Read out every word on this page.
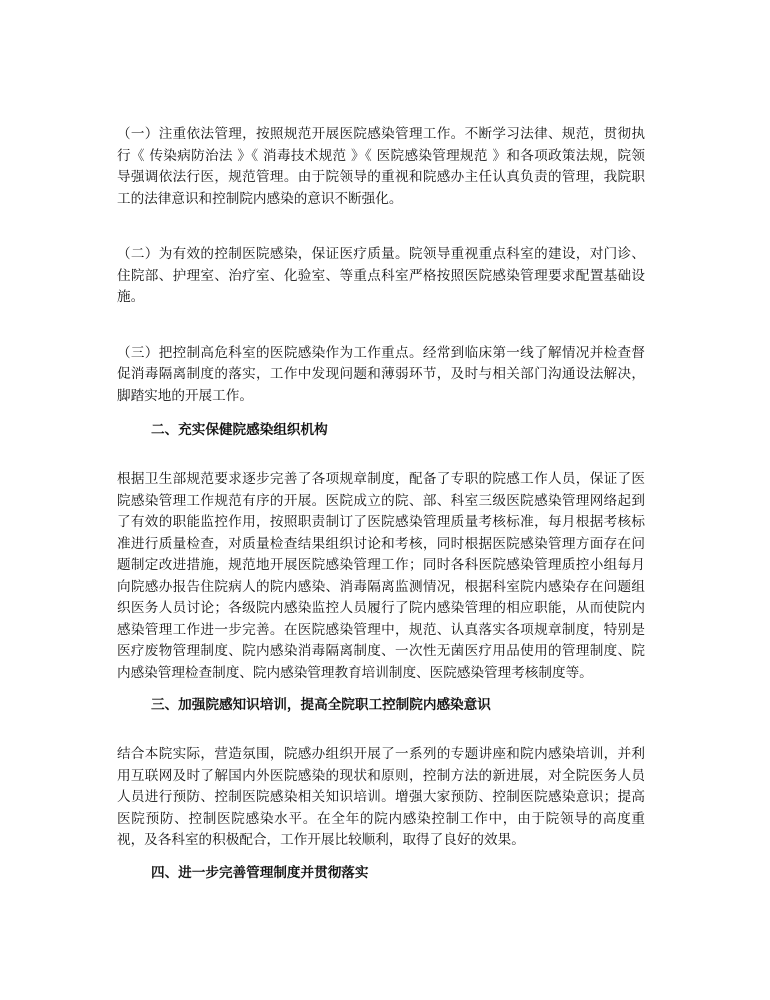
（一）注重依法管理，按照规范开展医院感染管理工作。不断学习法律、规范，贯彻执行《 传染病防治法 》《 消毒技术规范 》《 医院感染管理规范 》和各项政策法规，院领导强调依法行医，规范管理。由于院领导的重视和院感办主任认真负责的管理，我院职工的法律意识和控制院内感染的意识不断强化。

（二）为有效的控制医院感染，保证医疗质量。院领导重视重点科室的建设，对门诊、住院部、护理室、治疗室、化验室、等重点科室严格按照医院感染管理要求配置基础设施。

（三）把控制高危科室的医院感染作为工作重点。经常到临床第一线了解情况并检查督促消毒隔离制度的落实，工作中发现问题和薄弱环节，及时与相关部门沟通设法解决，脚踏实地的开展工作。

二、充实保健院感染组织机构

根据卫生部规范要求逐步完善了各项规章制度，配备了专职的院感工作人员，保证了医院感染管理工作规范有序的开展。医院成立的院、部、科室三级医院感染管理网络起到了有效的职能监控作用，按照职责制订了医院感染管理质量考核标准，每月根据考核标准进行质量检查，对质量检查结果组织讨论和考核，同时根据医院感染管理方面存在问题制定改进措施，规范地开展医院感染管理工作；同时各科医院感染管理质控小组每月向院感办报告住院病人的院内感染、消毒隔离监测情况，根据科室院内感染存在问题组织医务人员讨论；各级院内感染监控人员履行了院内感染管理的相应职能，从而使院内感染管理工作进一步完善。在医院感染管理中，规范、认真落实各项规章制度，特别是医疗废物管理制度、院内感染消毒隔离制度、一次性无菌医疗用品使用的管理制度、院内感染管理检查制度、院内感染管理教育培训制度、医院感染管理考核制度等。

三、加强院感知识培训，提高全院职工控制院内感染意识

结合本院实际，营造氛围，院感办组织开展了一系列的专题讲座和院内感染培训，并利用互联网及时了解国内外医院感染的现状和原则，控制方法的新进展，对全院医务人员人员进行预防、控制医院感染相关知识培训。增强大家预防、控制医院感染意识；提高医院预防、控制医院感染水平。在全年的院内感染控制工作中，由于院领导的高度重视，及各科室的积极配合，工作开展比较顺利，取得了良好的效果。

四、进一步完善管理制度并贯彻落实
